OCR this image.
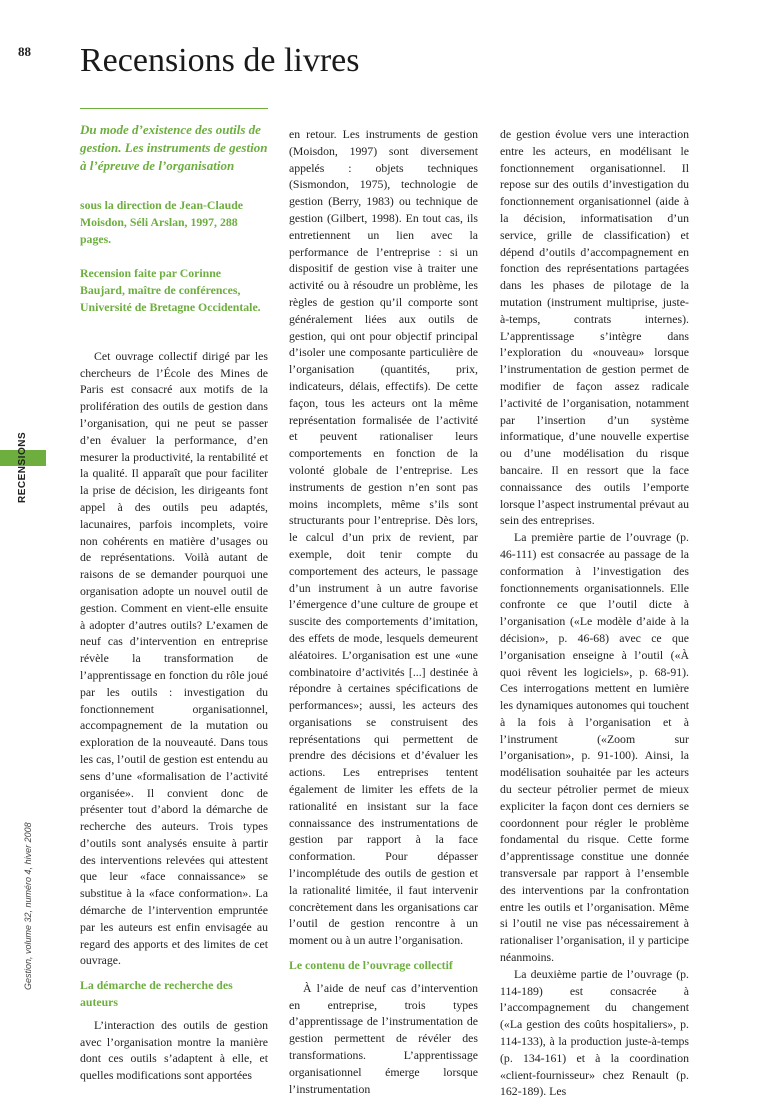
88 Recensions de livres
RECENSIONS
Gestion, volume 32, numéro 4, hiver 2008
Du mode d’existence des outils de gestion. Les instruments de gestion à l’épreuve de l’organisation
sous la direction de Jean-Claude Moisdon, Séli Arslan, 1997, 288 pages.
Recension faite par Corinne Baujard, maître de conférences, Université de Bretagne Occidentale.

Cet ouvrage collectif dirigé par les chercheurs de l’École des Mines de Paris est consacré aux motifs de la prolifération des outils de gestion dans l’organisation, qui ne peut se passer d’en évaluer la performance, d’en mesurer la productivité, la rentabilité et la qualité. Il apparaît que pour faciliter la prise de décision, les dirigeants font appel à des outils peu adaptés, lacunaires, parfois incomplets, voire non cohérents en matière d’usages ou de représentations. Voilà autant de raisons de se demander pourquoi une organisation adopte un nouvel outil de gestion. Comment en vient-elle ensuite à adopter d’autres outils? L’examen de neuf cas d’intervention en entreprise révèle la transformation de l’apprentissage en fonction du rôle joué par les outils : investigation du fonctionnement organisationnel, accompagnement de la mutation ou exploration de la nouveauté. Dans tous les cas, l’outil de gestion est entendu au sens d’une «formalisation de l’activité organisée». Il convient donc de présenter tout d’abord la démarche de recherche des auteurs. Trois types d’outils sont analysés ensuite à partir des interventions relevées qui attestent que leur «face connaissance» se substitue à la «face conformation». La démarche de l’intervention empruntée par les auteurs est enfin envisagée au regard des apports et des limites de cet ouvrage.

La démarche de recherche des auteurs

L’interaction des outils de gestion avec l’organisation montre la manière dont ces outils s’adaptent à elle, et quelles modifications sont apportées

en retour. Les instruments de gestion (Moisdon, 1997) sont diversement appelés : objets techniques (Sismondon, 1975), technologie de gestion (Berry, 1983) ou technique de gestion (Gilbert, 1998). En tout cas, ils entretiennent un lien avec la performance de l’entreprise : si un dispositif de gestion vise à traiter une activité ou à résoudre un problème, les règles de gestion qu’il comporte sont généralement liées aux outils de gestion, qui ont pour objectif principal d’isoler une composante particulière de l’organisation (quantités, prix, indicateurs, délais, effectifs). De cette façon, tous les acteurs ont la même représentation formalisée de l’activité et peuvent rationaliser leurs comportements en fonction de la volonté globale de l’entreprise. Les instruments de gestion n’en sont pas moins incomplets, même s’ils sont structurants pour l’entreprise. Dès lors, le calcul d’un prix de revient, par exemple, doit tenir compte du comportement des acteurs, le passage d’un instrument à un autre favorise l’émergence d’une culture de groupe et suscite des comportements d’imitation, des effets de mode, lesquels demeurent aléatoires. L’organisation est une «une combinatoire d’activités [...] destinée à répondre à certaines spécifications de performances»; aussi, les acteurs des organisations se construisent des représentations qui permettent de prendre des décisions et d’évaluer les actions. Les entreprises tentent également de limiter les effets de la rationalité en insistant sur la face connaissance des instrumentations de gestion par rapport à la face conformation. Pour dépasser l’incomplétude des outils de gestion et la rationalité limitée, il faut intervenir concrètement dans les organisations car l’outil de gestion rencontre à un moment ou à un autre l’organisation.

Le contenu de l’ouvrage collectif

À l’aide de neuf cas d’intervention en entreprise, trois types d’apprentissage de l’instrumentation de gestion permettent de révéler des transformations. L’apprentissage organisationnel émerge lorsque l’instrumentation

de gestion évolue vers une interaction entre les acteurs, en modélisant le fonctionnement organisationnel. Il repose sur des outils d’investigation du fonctionnement organisationnel (aide à la décision, informatisation d’un service, grille de classification) et dépend d’outils d’accompagnement en fonction des représentations partagées dans les phases de pilotage de la mutation (instrument multiprise, juste-à-temps, contrats internes). L’apprentissage s’intègre dans l’exploration du «nouveau» lorsque l’instrumentation de gestion permet de modifier de façon assez radicale l’activité de l’organisation, notamment par l’insertion d’un système informatique, d’une nouvelle expertise ou d’une modélisation du risque bancaire. Il en ressort que la face connaissance des outils l’emporte lorsque l’aspect instrumental prévaut au sein des entreprises.

La première partie de l’ouvrage (p. 46-111) est consacrée au passage de la conformation à l’investigation des fonctionnements organisationnels. Elle confronte ce que l’outil dicte à l’organisation («Le modèle d’aide à la décision», p. 46-68) avec ce que l’organisation enseigne à l’outil («À quoi rêvent les logiciels», p. 68-91). Ces interrogations mettent en lumière les dynamiques autonomes qui touchent à la fois à l’organisation et à l’instrument («Zoom sur l’organisation», p. 91-100). Ainsi, la modélisation souhaitée par les acteurs du secteur pétrolier permet de mieux expliciter la façon dont ces derniers se coordonnent pour régler le problème fondamental du risque. Cette forme d’apprentissage constitue une donnée transversale par rapport à l’ensemble des interventions par la confrontation entre les outils et l’organisation. Même si l’outil ne vise pas nécessairement à rationaliser l’organisation, il y participe néanmoins.

La deuxième partie de l’ouvrage (p. 114-189) est consacrée à l’accompagnement du changement («La gestion des coûts hospitaliers», p. 114-133), à la production juste-à-temps (p. 134-161) et à la coordination «client-fournisseur» chez Renault (p. 162-189). Les
